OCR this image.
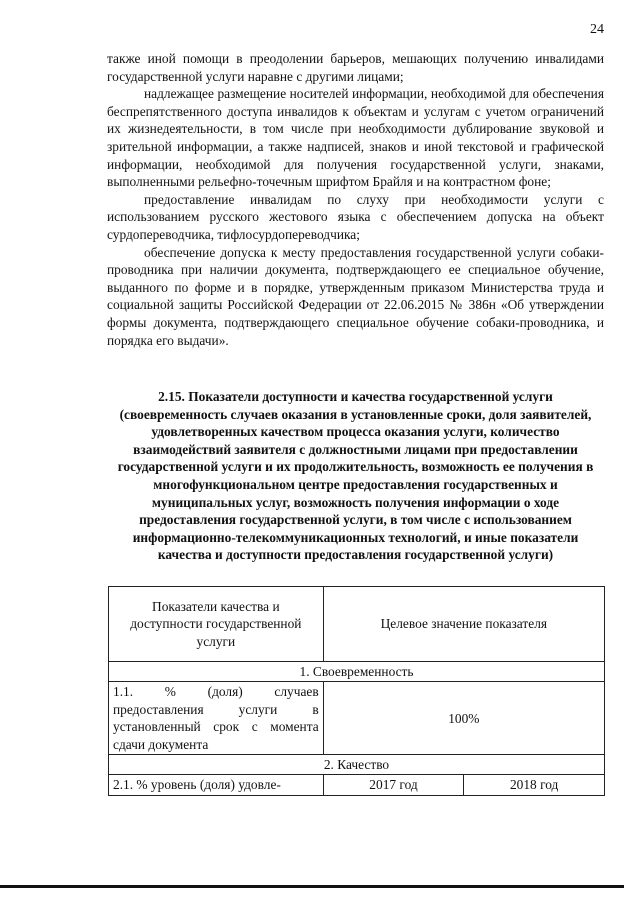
24

также иной помощи в преодолении барьеров, мешающих получению инвалидами государственной услуги наравне с другими лицами;

надлежащее размещение носителей информации, необходимой для обеспечения беспрепятственного доступа инвалидов к объектам и услугам с учетом ограничений их жизнедеятельности, в том числе при необходимости дублирование звуковой и зрительной информации, а также надписей, знаков и иной текстовой и графической информации, необходимой для получения государственной услуги, знаками, выполненными рельефно-точечным шрифтом Брайля и на контрастном фоне;

предоставление инвалидам по слуху при необходимости услуги с использованием русского жестового языка с обеспечением допуска на объект сурдопереводчика, тифлосурдопереводчика;

обеспечение допуска к месту предоставления государственной услуги собаки-проводника при наличии документа, подтверждающего ее специальное обучение, выданного по форме и в порядке, утвержденным приказом Министерства труда и социальной защиты Российской Федерации от 22.06.2015 № 386н «Об утверждении формы документа, подтверждающего специальное обучение собаки-проводника, и порядка его выдачи».

2.15. Показатели доступности и качества государственной услуги (своевременность случаев оказания в установленные сроки, доля заявителей, удовлетворенных качеством процесса оказания услуги, количество взаимодействий заявителя с должностными лицами при предоставлении государственной услуги и их продолжительность, возможность ее получения в многофункциональном центре предоставления государственных и муниципальных услуг, возможность получения информации о ходе предоставления государственной услуги, в том числе с использованием информационно-телекоммуникационных технологий, и иные показатели качества и доступности предоставления государственной услуги)
Показатели качества и доступности государственной услуги	Целевое значение показателя	
1. Своевременность		
1.1. % (доля) случаев предоставления услуги в установленный срок с момента сдачи документа	100%	
2. Качество		
2.1. % уровень (доля) удовле-	2017 год	2018 год
